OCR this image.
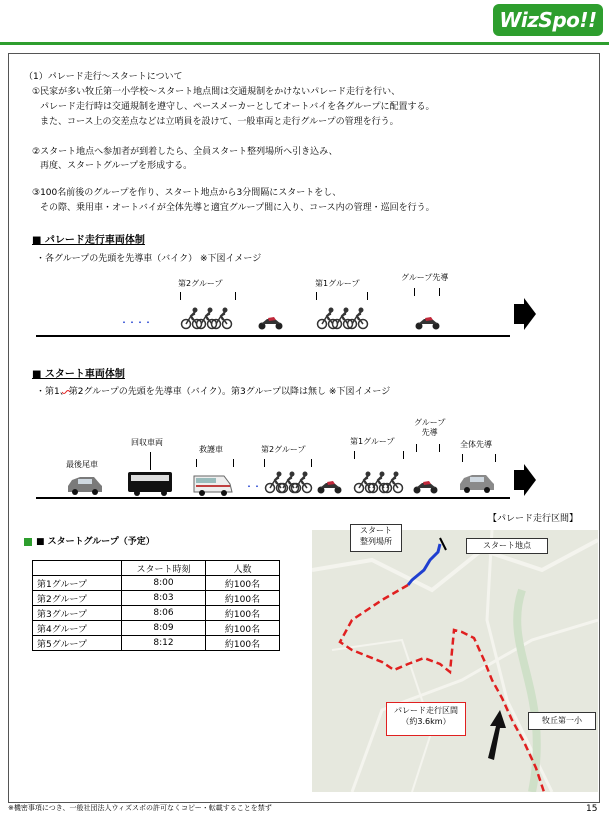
WizSpo!!
（1）パレード走行～スタートについて
①民家が多い牧丘第一小学校～スタート地点間は交通規制をかけないパレード走行を行い、
パレード走行時は交通規制を遵守し、ペースメーカーとしてオートバイを各グループに配置する。
また、コース上の交差点などは立哨員を設けて、一般車両と走行グループの管理を行う。
②スタート地点へ参加者が到着したら、全員スタート整列場所へ引き込み、
再度、スタートグループを形成する。
③100名前後のグループを作り、スタート地点から3分間隔にスタートをし、
その際、乗用車・オートバイが全体先導と適宜グループ間に入り、コース内の管理・巡回を行う。
■ パレード走行車両体制
・各グループの先頭を先導車（バイク） ※下図イメージ
第2グループ	第1グループ
グループ先導
・・・・
■ スタート車両体制
・第1、第2グループの先頭を先導車（バイク）。第3グループ以降は無し ※下図イメージ
最後尾車
回収車両
救護車	第2グループ
第1グループ
グループ
先導
全体先導
・・
【パレード走行区間】
■ スタートグループ（予定）
	スタート時刻	人数
第1グループ	8:00	約100名
第2グループ	8:03	約100名
第3グループ	8:06	約100名
第4グループ	8:09	約100名
第5グループ	8:12	約100名
スタート
整列場所	スタート地点
パレード走行区間
（約3.6km）	牧丘第一小
※機密事項につき、一般社団法人ウィズスポの許可なくコピー・転載することを禁ず	15
